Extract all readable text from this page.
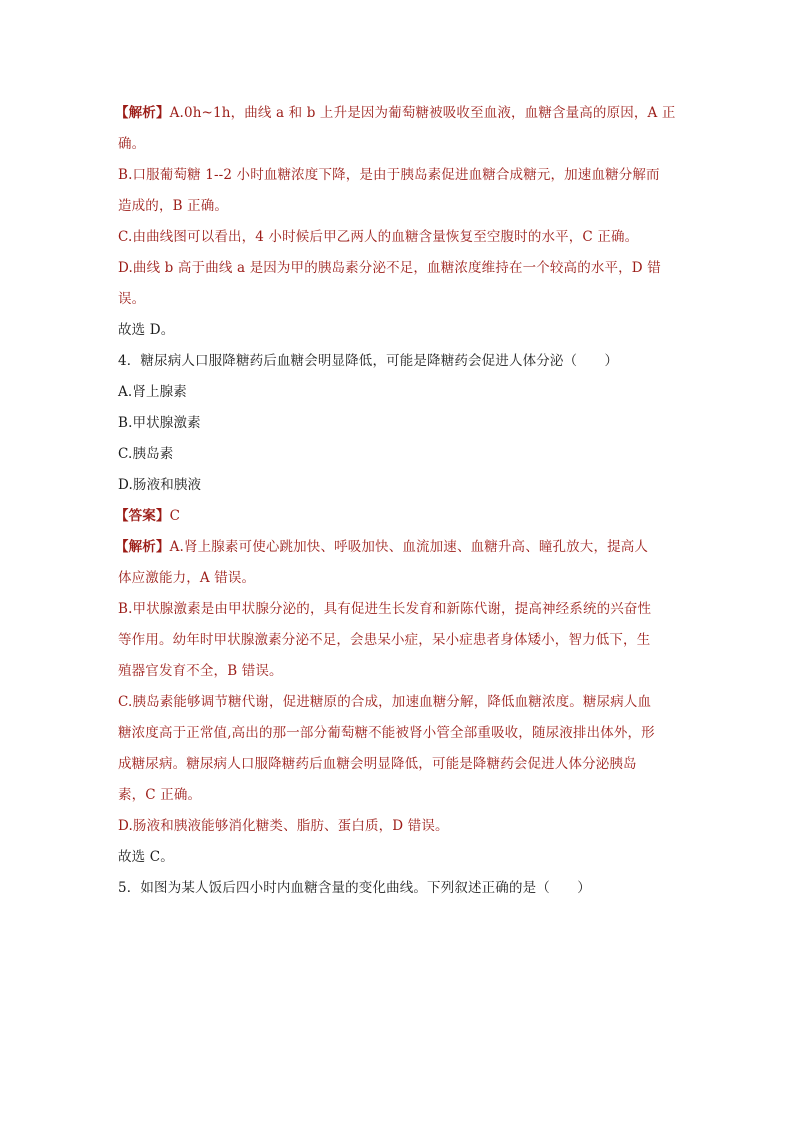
【解析】A.0h~1h，曲线 a 和 b 上升是因为葡萄糖被吸收至血液，血糖含量高的原因，A 正
确。
B.口服葡萄糖 1--2 小时血糖浓度下降，是由于胰岛素促进血糖合成糖元，加速血糖分解而
造成的，B 正确。
C.由曲线图可以看出，4 小时候后甲乙两人的血糖含量恢复至空腹时的水平，C 正确。
D.曲线 b 高于曲线 a 是因为甲的胰岛素分泌不足，血糖浓度维持在一个较高的水平，D 错
误。
故选 D。
4．糖尿病人口服降糖药后血糖会明显降低，可能是降糖药会促进人体分泌（　　）
A.肾上腺素
B.甲状腺激素
C.胰岛素
D.肠液和胰液
【答案】C
【解析】A.肾上腺素可使心跳加快、呼吸加快、血流加速、血糖升高、瞳孔放大，提高人
体应激能力，A 错误。
B.甲状腺激素是由甲状腺分泌的，具有促进生长发育和新陈代谢，提高神经系统的兴奋性
等作用。幼年时甲状腺激素分泌不足，会患呆小症，呆小症患者身体矮小，智力低下，生
殖器官发育不全，B 错误。
C.胰岛素能够调节糖代谢，促进糖原的合成，加速血糖分解，降低血糖浓度。糖尿病人血
糖浓度高于正常值,高出的那一部分葡萄糖不能被肾小管全部重吸收，随尿液排出体外，形
成糖尿病。糖尿病人口服降糖药后血糖会明显降低，可能是降糖药会促进人体分泌胰岛
素，C 正确。
D.肠液和胰液能够消化糖类、脂肪、蛋白质，D 错误。
故选 C。
5．如图为某人饭后四小时内血糖含量的变化曲线。下列叙述正确的是（　　）
